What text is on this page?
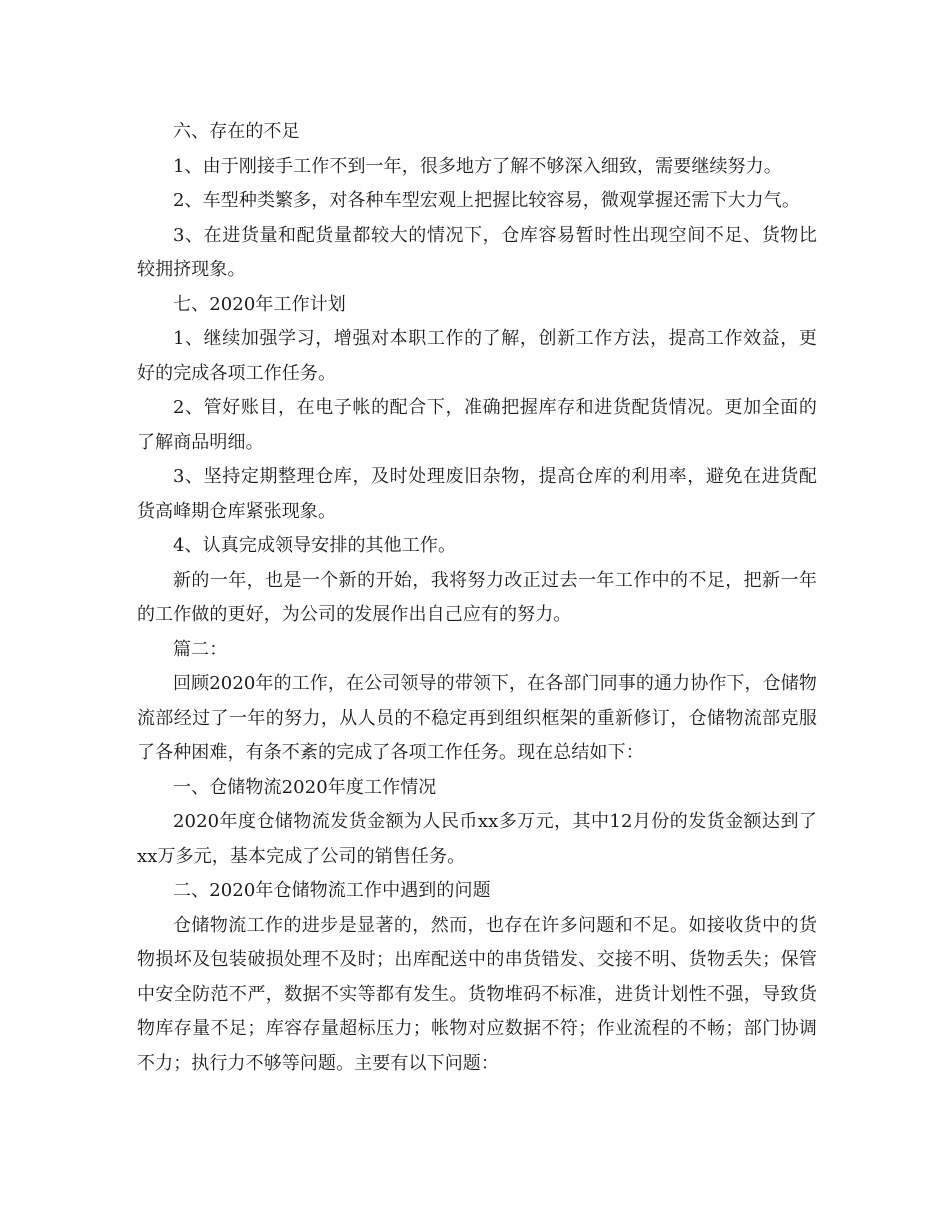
六、存在的不足

1、由于刚接手工作不到一年，很多地方了解不够深入细致，需要继续努力。

2、车型种类繁多，对各种车型宏观上把握比较容易，微观掌握还需下大力气。

3、在进货量和配货量都较大的情况下，仓库容易暂时性出现空间不足、货物比较拥挤现象。

七、2020年工作计划

1、继续加强学习，增强对本职工作的了解，创新工作方法，提高工作效益，更好的完成各项工作任务。

2、管好账目，在电子帐的配合下，准确把握库存和进货配货情况。更加全面的了解商品明细。

3、坚持定期整理仓库，及时处理废旧杂物，提高仓库的利用率，避免在进货配货高峰期仓库紧张现象。

4、认真完成领导安排的其他工作。

新的一年，也是一个新的开始，我将努力改正过去一年工作中的不足，把新一年的工作做的更好，为公司的发展作出自己应有的努力。

篇二：

回顾2020年的工作，在公司领导的带领下，在各部门同事的通力协作下，仓储物流部经过了一年的努力，从人员的不稳定再到组织框架的重新修订，仓储物流部克服了各种困难，有条不紊的完成了各项工作任务。现在总结如下：

一、仓储物流2020年度工作情况

2020年度仓储物流发货金额为人民币xx多万元，其中12月份的发货金额达到了xx万多元，基本完成了公司的销售任务。

二、2020年仓储物流工作中遇到的问题

仓储物流工作的进步是显著的，然而，也存在许多问题和不足。如接收货中的货物损坏及包装破损处理不及时；出库配送中的串货错发、交接不明、货物丢失；保管中安全防范不严，数据不实等都有发生。货物堆码不标准，进货计划性不强，导致货物库存量不足；库容存量超标压力；帐物对应数据不符；作业流程的不畅；部门协调不力；执行力不够等问题。主要有以下问题：
